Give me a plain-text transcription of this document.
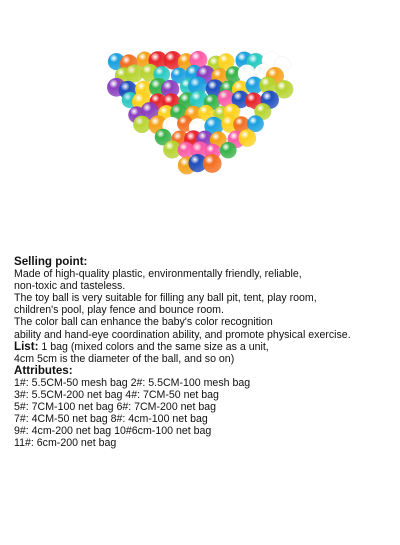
Selling point:
Made of high-quality plastic, environmentally friendly, reliable,
non-toxic and tasteless.
The toy ball is very suitable for filling any ball pit, tent, play room,
children's pool, play fence and bounce room.
The color ball can enhance the baby's color recognition
ability and hand-eye coordination ability, and promote physical exercise.
List: 1 bag (mixed colors and the same size as a unit,
4cm 5cm is the diameter of the ball, and so on)
Attributes:
1#: 5.5CM-50 mesh bag 2#: 5.5CM-100 mesh bag
3#: 5.5CM-200 net bag 4#: 7CM-50 net bag
5#: 7CM-100 net bag 6#: 7CM-200 net bag
7#: 4CM-50 net bag 8#: 4cm-100 net bag
9#: 4cm-200 net bag 10#6cm-100 net bag
11#: 6cm-200 net bag
